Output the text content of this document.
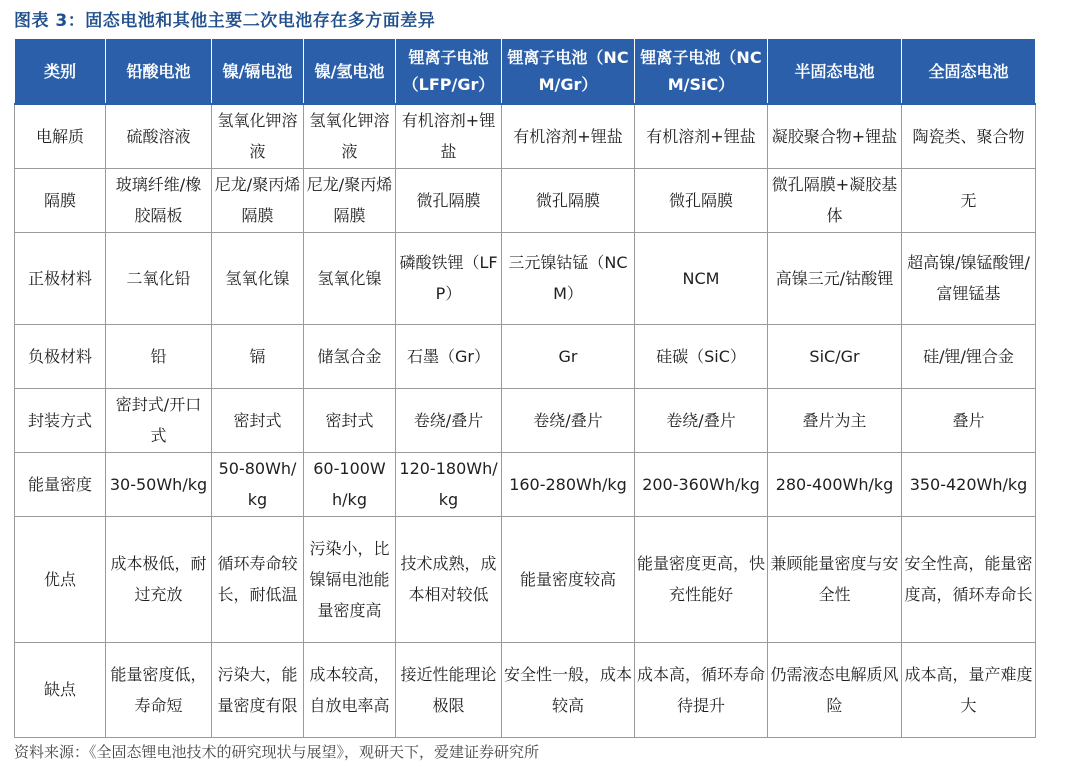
图表 3：固态电池和其他主要二次电池存在多方面差异
类别	铅酸电池	镍/镉电池	镍/氢电池	锂离子电池（LFP/Gr）	锂离子电池（NCM/Gr）	锂离子电池（NCM/SiC）	半固态电池	全固态电池
电解质	硫酸溶液	氢氧化钾溶液	氢氧化钾溶液	有机溶剂+锂盐	有机溶剂+锂盐	有机溶剂+锂盐	凝胶聚合物+锂盐	陶瓷类、聚合物
隔膜	玻璃纤维/橡胶隔板	尼龙/聚丙烯隔膜	尼龙/聚丙烯隔膜	微孔隔膜	微孔隔膜	微孔隔膜	微孔隔膜+凝胶基体	无
正极材料	二氧化铅	氢氧化镍	氢氧化镍	磷酸铁锂（LFP）	三元镍钴锰（NCM）	NCM	高镍三元/钴酸锂	超高镍/镍锰酸锂/富锂锰基
负极材料	铅	镉	储氢合金	石墨（Gr）	Gr	硅碳（SiC）	SiC/Gr	硅/锂/锂合金
封装方式	密封式/开口式	密封式	密封式	卷绕/叠片	卷绕/叠片	卷绕/叠片	叠片为主	叠片
能量密度	30-50Wh/kg	50-80Wh/kg	60-100Wh/kg	120-180Wh/kg	160-280Wh/kg	200-360Wh/kg	280-400Wh/kg	350-420Wh/kg
优点	成本极低，耐过充放	循环寿命较长，耐低温	污染小，比镍镉电池能量密度高	技术成熟，成本相对较低	能量密度较高	能量密度更高，快充性能好	兼顾能量密度与安全性	安全性高，能量密度高，循环寿命长
缺点	能量密度低，寿命短	污染大，能量密度有限	成本较高，自放电率高	接近性能理论极限	安全性一般，成本较高	成本高，循环寿命待提升	仍需液态电解质风险	成本高，量产难度大
资料来源：《全固态锂电池技术的研究现状与展望》，观研天下，爱建证券研究所
